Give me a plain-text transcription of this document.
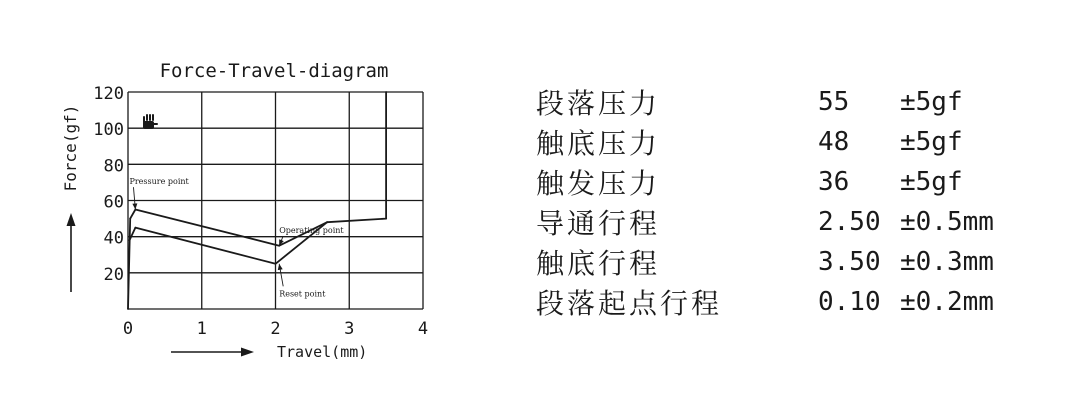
Force-Travel-diagram
20
40
60
80
100
120
0	1	2	3	4
Pressure point
Operating point
Reset point
Force(gf)
Travel(mm)
段落压力	55	±5gf
触底压力	48	±5gf
触发压力	36	±5gf
导通行程	2.50	±0.5mm
触底行程	3.50	±0.3mm
段落起点行程	0.10	±0.2mm
